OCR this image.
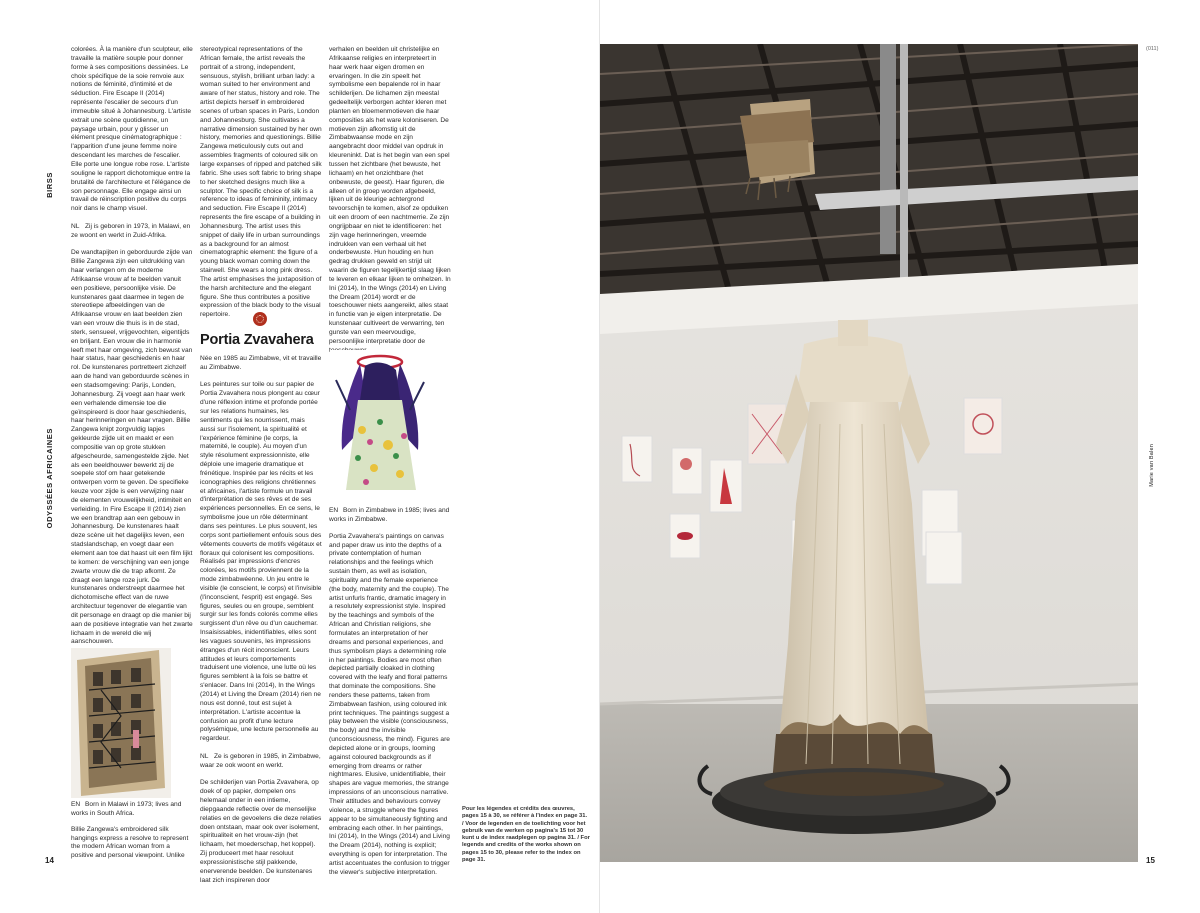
BIRSS
ODYSSÉES AFRICAINES

colorées. À la manière d'un sculpteur, elle travaille la matière souple pour donner forme à ses compositions dessinées. Le choix spécifique de la soie renvoie aux notions de féminité, d'intimité et de séduction. Fire Escape II (2014) représente l'escalier de secours d'un immeuble situé à Johannesburg. L'artiste extrait une scène quotidienne, un paysage urbain, pour y glisser un élément presque cinématographique : l'apparition d'une jeune femme noire descendant les marches de l'escalier. Elle porte une longue robe rose. L'artiste souligne le rapport dichotomique entre la brutalité de l'architecture et l'élégance de son personnage. Elle engage ainsi un travail de réinscription positive du corps noir dans le champ visuel.

NL Zij is geboren in 1973, in Malawi, en ze woont en werkt in Zuid-Afrika.

De wandtapijten in geborduurde zijde van Billie Zangewa zijn een uitdrukking van haar verlangen om de moderne Afrikaanse vrouw af te beelden vanuit een positieve, persoonlijke visie. De kunstenares gaat daarmee in tegen de stereotiepe afbeeldingen van de Afrikaanse vrouw en laat beelden zien van een vrouw die thuis is in de stad, sterk, sensueel, vrijgevochten, eigentijds en briljant. Een vrouw die in harmonie leeft met haar omgeving, zich bewust van haar status, haar geschiedenis en haar rol. De kunstenares portretteert zichzelf aan de hand van geborduurde scènes in een stadsomgeving: Parijs, Londen, Johannesburg. Zij voegt aan haar werk een verhalende dimensie toe die geïnspireerd is door haar geschiedenis, haar herinneringen en haar vragen. Billie Zangewa knipt zorgvuldig lapjes gekleurde zijde uit en maakt er een compositie van op grote stukken afgescheurde, samengestelde zijde. Net als een beeldhouwer bewerkt zij de soepele stof om haar getekende ontwerpen vorm te geven. De specifieke keuze voor zijde is een verwijzing naar de elementen vrouwelijkheid, intimiteit en verleiding. In Fire Escape II (2014) zien we een brandtrap aan een gebouw in Johannesburg. De kunstenares haalt deze scène uit het dagelijks leven, een stadslandschap, en voegt daar een element aan toe dat haast uit een film lijkt te komen: de verschijning van een jonge zwarte vrouw die de trap afkomt. Ze draagt een lange roze jurk. De kunstenares onderstreept daarmee het dichotomische effect van de ruwe architectuur tegenover de elegantie van dit personage en draagt op die manier bij aan de positieve integratie van het zwarte lichaam in de wereld die wij aanschouwen.

EN Born in Malawi in 1973; lives and works in South Africa.

Billie Zangewa's embroidered silk hangings express a resolve to represent the modern African woman from a positive and personal viewpoint. Unlike

14

stereotypical representations of the African female, the artist reveals the portrait of a strong, independent, sensuous, stylish, brilliant urban lady: a woman suited to her environment and aware of her status, history and role. The artist depicts herself in embroidered scenes of urban spaces in Paris, London and Johannesburg. She cultivates a narrative dimension sustained by her own history, memories and questionings. Billie Zangewa meticulously cuts out and assembles fragments of coloured silk on large expanses of ripped and patched silk fabric. She uses soft fabric to bring shape to her sketched designs much like a sculptor. The specific choice of silk is a reference to ideas of femininity, intimacy and seduction. Fire Escape II (2014) represents the fire escape of a building in Johannesburg. The artist uses this snippet of daily life in urban surroundings as a background for an almost cinematographic element: the figure of a young black woman coming down the stairwell. She wears a long pink dress. The artist emphasises the juxtaposition of the harsh architecture and the elegant figure. She thus contributes a positive expression of the black body to the visual repertoire.

Portia Zvavahera

Née en 1985 au Zimbabwe, vit et travaille au Zimbabwe.

Les peintures sur toile ou sur papier de Portia Zvavahera nous plongent au cœur d'une réflexion intime et profonde portée sur les relations humaines, les sentiments qui les nourrissent, mais aussi sur l'isolement, la spiritualité et l'expérience féminine (le corps, la maternité, le couple). Au moyen d'un style résolument expressionniste, elle déploie une imagerie dramatique et frénétique. Inspirée par les récits et les iconographies des religions chrétiennes et africaines, l'artiste formule un travail d'interprétation de ses rêves et de ses expériences personnelles. En ce sens, le symbolisme joue un rôle déterminant dans ses peintures. Le plus souvent, les corps sont partiellement enfouis sous des vêtements couverts de motifs végétaux et floraux qui colonisent les compositions. Réalisés par impressions d'encres colorées, les motifs proviennent de la mode zimbabwéenne. Un jeu entre le visible (le conscient, le corps) et l'invisible (l'inconscient, l'esprit) est engagé. Ses figures, seules ou en groupe, semblent surgir sur les fonds colorés comme elles surgissent d'un rêve ou d'un cauchemar. Insaisissables, inidentifiables, elles sont les vagues souvenirs, les impressions étranges d'un récit inconscient. Leurs attitudes et leurs comportements traduisent une violence, une lutte où les figures semblent à la fois se battre et s'enlacer. Dans Ini (2014), In the Wings (2014) et Living the Dream (2014) rien ne nous est donné, tout est sujet à interprétation. L'artiste accentue la confusion au profit d'une lecture polysémique, une lecture personnelle au regardeur.

NL Ze is geboren in 1985, in Zimbabwe, waar ze ook woont en werkt.

De schilderijen van Portia Zvavahera, op doek of op papier, dompelen ons helemaal onder in een intieme, diepgaande reflectie over de menselijke relaties en de gevoelens die deze relaties doen ontstaan, maar ook over isolement, spiritualiteit en het vrouw-zijn (het lichaam, het moederschap, het koppel). Zij produceert met haar resoluut expressionistische stijl pakkende, enerverende beelden. De kunstenares laat zich inspireren door

verhalen en beelden uit christelijke en Afrikaanse religies en interpreteert in haar werk haar eigen dromen en ervaringen. In die zin speelt het symbolisme een bepalende rol in haar schilderijen. De lichamen zijn meestal gedeeltelijk verborgen achter kleren met planten en bloemenmotieven die haar composities als het ware koloniseren. De motieven zijn afkomstig uit de Zimbabwaanse mode en zijn aangebracht door middel van opdruk in kleureninkt. Dat is het begin van een spel tussen het zichtbare (het bewuste, het lichaam) en het onzichtbare (het onbewuste, de geest). Haar figuren, die alleen of in groep worden afgebeeld, lijken uit de kleurige achtergrond tevoorschijn te komen, alsof ze opduiken uit een droom of een nachtmerrie. Ze zijn ongrijpbaar en niet te identificeren: het zijn vage herinneringen, vreemde indrukken van een verhaal uit het onderbewuste. Hun houding en hun gedrag drukken geweld en strijd uit waarin de figuren tegelijkertijd slaag lijken te leveren en elkaar lijken te omhelzen. In Ini (2014), In the Wings (2014) en Living the Dream (2014) wordt er de toeschouwer niets aangereikt, alles staat in functie van je eigen interpretatie. De kunstenaar cultiveert de verwarring, ten gunste van een meervoudige, persoonlijke interpretatie door de

EN Born in Zimbabwe in 1985; lives and works in Zimbabwe.

Portia Zvavahera's paintings on canvas and paper draw us into the depths of a private contemplation of human relationships and the feelings which sustain them, as well as isolation, spirituality and the female experience (the body, maternity and the couple). The artist unfurls frantic, dramatic imagery in a resolutely expressionist style. Inspired by the teachings and symbols of the African and Christian religions, she formulates an interpretation of her dreams and personal experiences, and thus symbolism plays a determining role in her paintings. Bodies are most often depicted partially cloaked in clothing covered with the leafy and floral patterns that dominate the compositions. She renders these patterns, taken from Zimbabwean fashion, using coloured ink print techniques. The paintings suggest a play between the visible (consciousness, the body) and the invisible (unconsciousness, the mind). Figures are depicted alone or in groups, looming against coloured backgrounds as if emerging from dreams or rather nightmares. Elusive, unidentifiable, their shapes are vague memories, the strange impressions of an unconscious narrative. Their attitudes and behaviours convey violence, a struggle where the figures appear to be simultaneously fighting and embracing each other. In her paintings, Ini (2014), In the Wings (2014) and Living the Dream (2014), nothing is explicit; everything is open for interpretation. The artist accentuates the confusion to trigger the viewer's subjective interpretation.

(011)
Marie van Balen
Pour les légendes et crédits des œuvres, pages 15 à 30, se référer à l'index en page 31. / Voor de legenden en de toelichting voor het gebruik van de werken op pagina's 15 tot 30 kunt u de index raadplegen op pagina 31. / For legends and credits of the works shown on pages 15 to 30, please refer to the index on page 31.	15
